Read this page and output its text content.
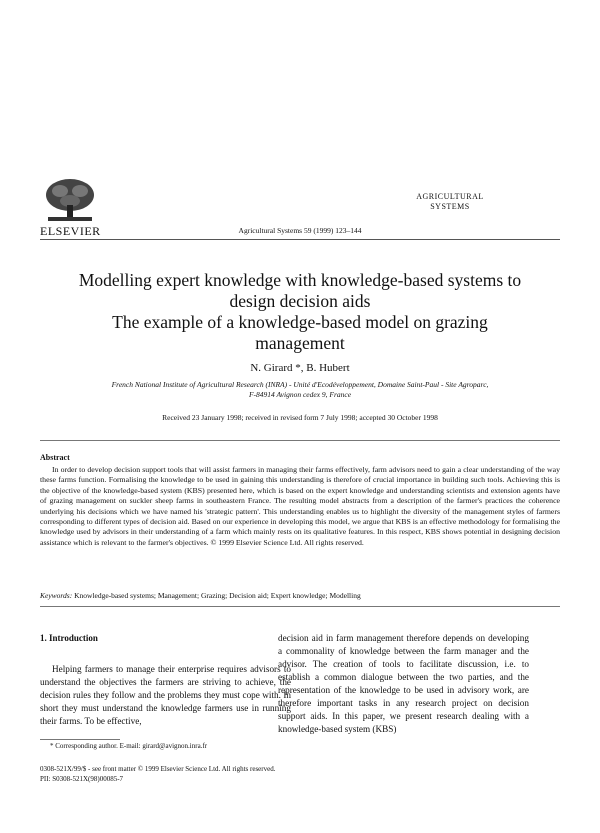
ELSEVIER	Agricultural Systems 59 (1999) 123–144
AGRICULTURAL
SYSTEMS
Modelling expert knowledge with knowledge-based systems to
design decision aids
The example of a knowledge-based model on grazing
management
N. Girard *, B. Hubert
French National Institute of Agricultural Research (INRA) - Unité d'Ecodéveloppement, Domaine Saint-Paul - Site Agroparc,
F-84914 Avignon cedex 9, France
Received 23 January 1998; received in revised form 7 July 1998; accepted 30 October 1998
Abstract
In order to develop decision support tools that will assist farmers in managing their farms effectively, farm advisors need to gain a clear understanding of the way these farms function. Formalising the knowledge to be used in gaining this understanding is therefore of crucial importance in building such tools. Achieving this is the objective of the knowledge-based system (KBS) presented here, which is based on the expert knowledge and understanding scientists and extension agents have of grazing management on suckler sheep farms in southeastern France. The resulting model abstracts from a description of the farmer's practices the coherence underlying his decisions which we have named his 'strategic pattern'. This understanding enables us to highlight the diversity of the management styles of farmers corresponding to different types of decision aid. Based on our experience in developing this model, we argue that KBS is an effective methodology for formalising the knowledge used by advisors in their understanding of a farm which mainly rests on its qualitative features. In this respect, KBS shows potential in designing decision assistance which is relevant to the farmer's objectives. © 1999 Elsevier Science Ltd. All rights reserved.
Keywords: Knowledge-based systems; Management; Grazing; Decision aid; Expert knowledge; Modelling
1. Introduction

Helping farmers to manage their enterprise requires advisors to understand the objectives the farmers are striving to achieve, the decision rules they follow and the problems they must cope with. In short they must understand the knowledge farmers use in running their farms. To be effective,

decision aid in farm management therefore depends on developing a commonality of knowledge between the farm manager and the advisor. The creation of tools to facilitate discussion, i.e. to establish a common dialogue between the two parties, and the representation of the knowledge to be used in advisory work, are therefore important tasks in any research project on decision support aids. In this paper, we present research dealing with a knowledge-based system (KBS)

* Corresponding author. E-mail: girard@avignon.inra.fr
0308-521X/99/$ - see front matter © 1999 Elsevier Science Ltd. All rights reserved.
PII: S0308-521X(98)00085-7
